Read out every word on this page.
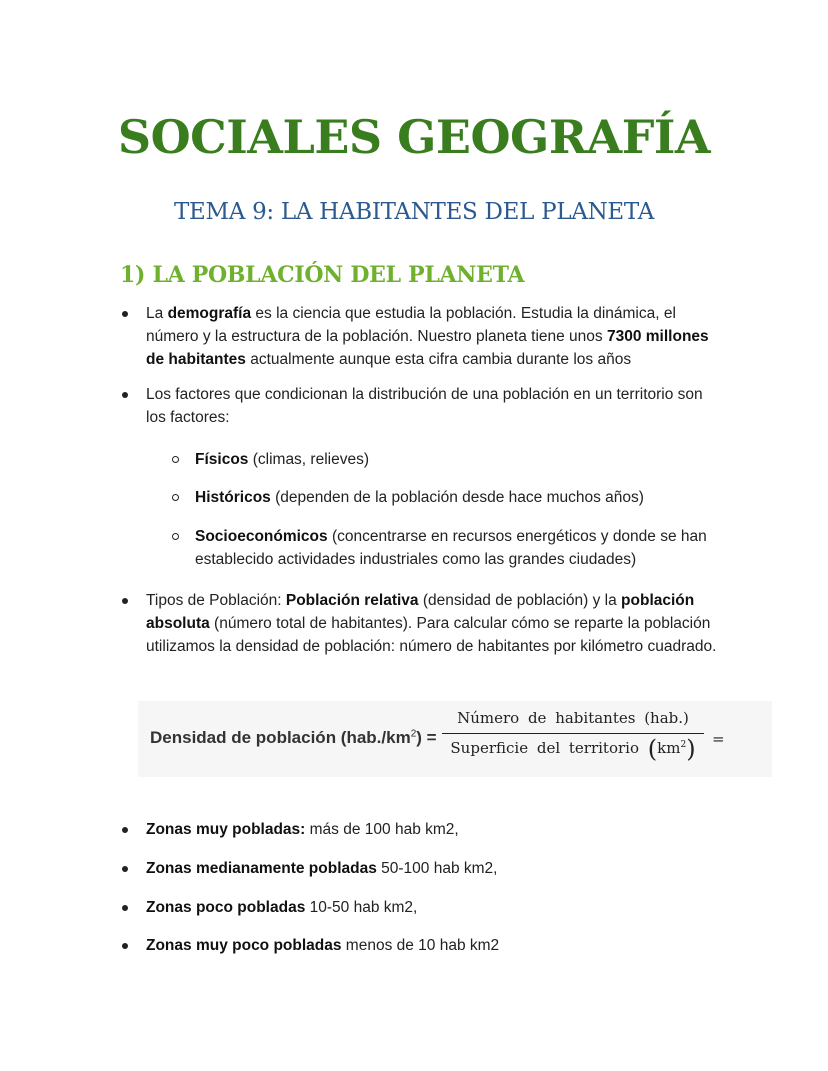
SOCIALES GEOGRAFÍA
TEMA 9: LA HABITANTES DEL PLANETA
1) LA POBLACIÓN DEL PLANETA
La demografía es la ciencia que estudia la población. Estudia la dinámica, el número y la estructura de la población. Nuestro planeta tiene unos 7300 millones de habitantes actualmente aunque esta cifra cambia durante los años
Los factores que condicionan la distribución de una población en un territorio son los factores:
Físicos (climas, relieves)
Históricos (dependen de la población desde hace muchos años)
Socioeconómicos (concentrarse en recursos energéticos y donde se han establecido actividades industriales como las grandes ciudades)
Tipos de Población: Población relativa (densidad de población) y la población absoluta (número total de habitantes). Para calcular cómo se reparte la población utilizamos la densidad de población: número de habitantes por kilómetro cuadrado.
Densidad de población $(hab./km^2)$ =
Número de habitantes (hab.)
Superficie del territorio $(km^2)$	=
Zonas muy pobladas: más de 100 hab km2,
Zonas medianamente pobladas 50-100 hab km2,
Zonas poco pobladas 10-50 hab km2,
Zonas muy poco pobladas menos de 10 hab km2
